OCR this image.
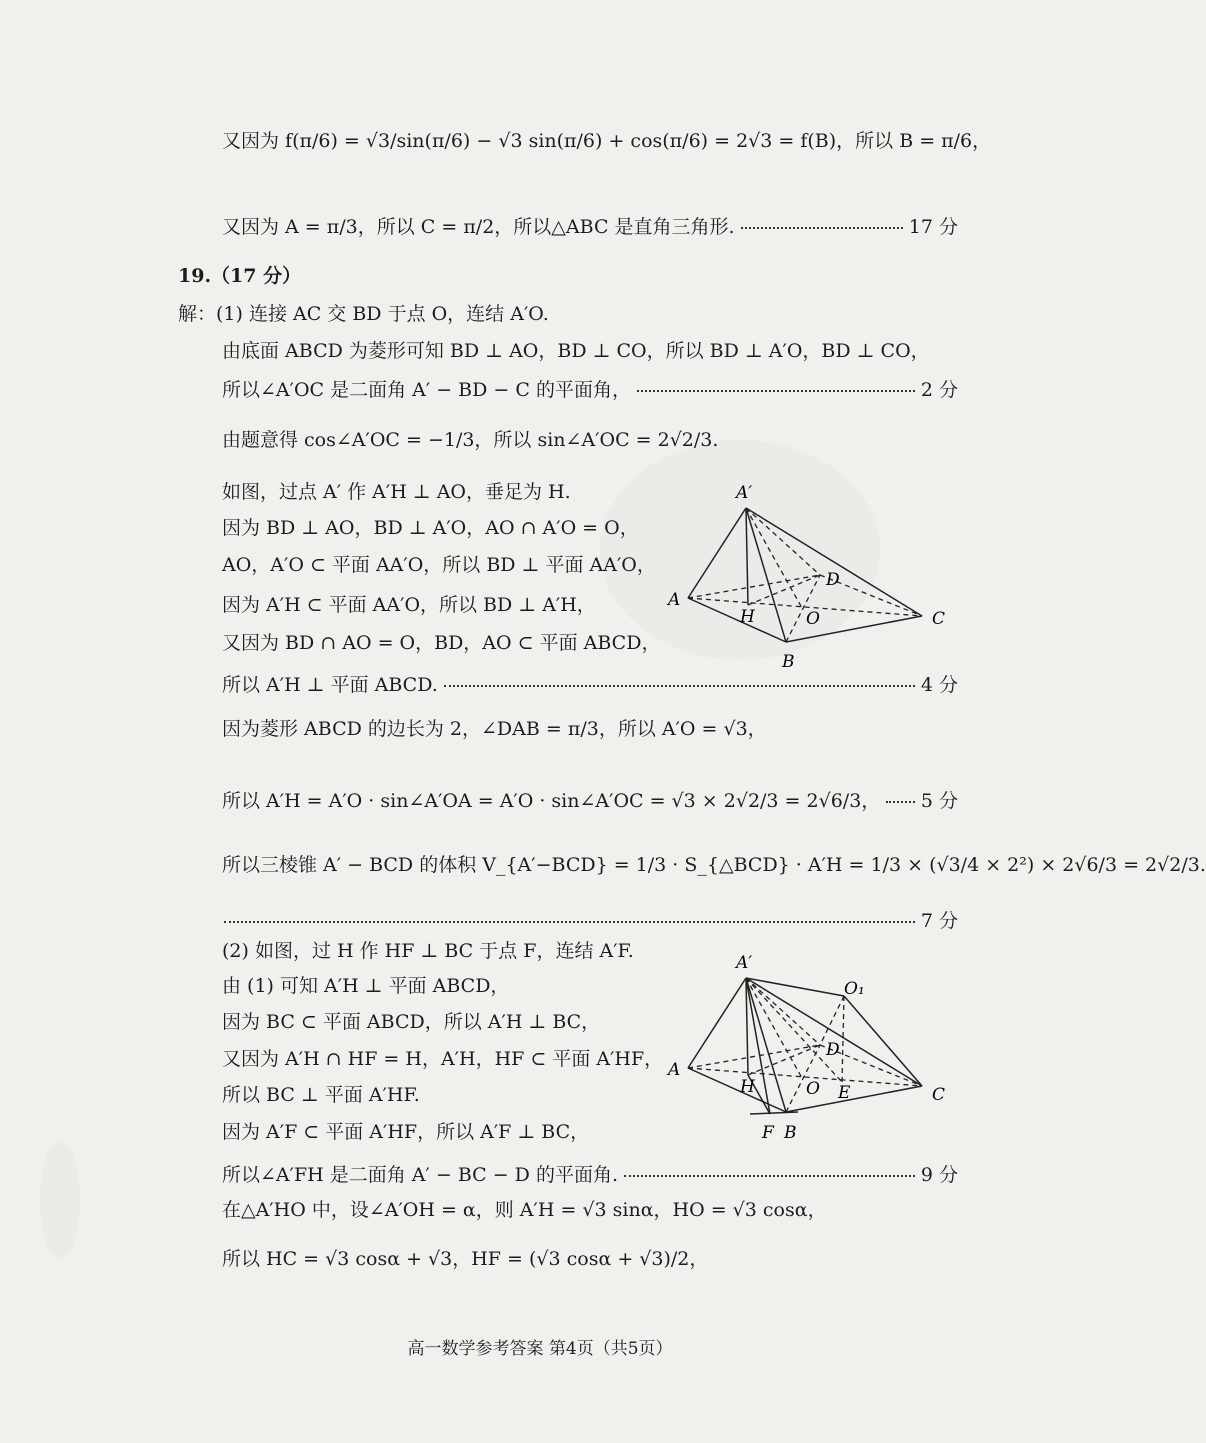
又因为 f(π/6) = √3/sin(π/6) − √3 sin(π/6) + cos(π/6) = 2√3 = f(B)，所以 B = π/6，
又因为 A = π/3，所以 C = π/2，所以△ABC 是直角三角形.	17 分
19.（17 分）
解：(1) 连接 AC 交 BD 于点 O，连结 A′O.
由底面 ABCD 为菱形可知 BD ⊥ AO，BD ⊥ CO，所以 BD ⊥ A′O，BD ⊥ CO，
所以∠A′OC 是二面角 A′ − BD − C 的平面角，	2 分
由题意得 cos∠A′OC = −1/3，所以 sin∠A′OC = 2√2/3.
如图，过点 A′ 作 A′H ⊥ AO，垂足为 H.
因为 BD ⊥ AO，BD ⊥ A′O，AO ∩ A′O = O，
AO，A′O ⊂ 平面 AA′O，所以 BD ⊥ 平面 AA′O，
因为 A′H ⊂ 平面 AA′O，所以 BD ⊥ A′H，
又因为 BD ∩ AO = O，BD，AO ⊂ 平面 ABCD，
A′
D
A
H	O	C
B
所以 A′H ⊥ 平面 ABCD.	4 分
因为菱形 ABCD 的边长为 2，∠DAB = π/3，所以 A′O = √3，
所以 A′H = A′O · sin∠A′OA = A′O · sin∠A′OC = √3 × 2√2/3 = 2√6/3， 5 分
所以三棱锥 A′ − BCD 的体积 V_{A′−BCD} = 1/3 · S_{△BCD} · A′H = 1/3 × (√3/4 × 2²) × 2√6/3 = 2√2/3.
7 分
(2) 如图，过 H 作 HF ⊥ BC 于点 F，连结 A′F.
由 (1) 可知 A′H ⊥ 平面 ABCD，
因为 BC ⊂ 平面 ABCD，所以 A′H ⊥ BC，
又因为 A′H ∩ HF = H，A′H，HF ⊂ 平面 A′HF，
所以 BC ⊥ 平面 A′HF.
因为 A′F ⊂ 平面 A′HF，所以 A′F ⊥ BC，
A′
O₁
D
A
H	O E	C
F B
所以∠A′FH 是二面角 A′ − BC − D 的平面角.	9 分
在△A′HO 中，设∠A′OH = α，则 A′H = √3 sinα，HO = √3 cosα，
所以 HC = √3 cosα + √3，HF = (√3 cosα + √3)/2，
高一数学参考答案 第4页（共5页）
